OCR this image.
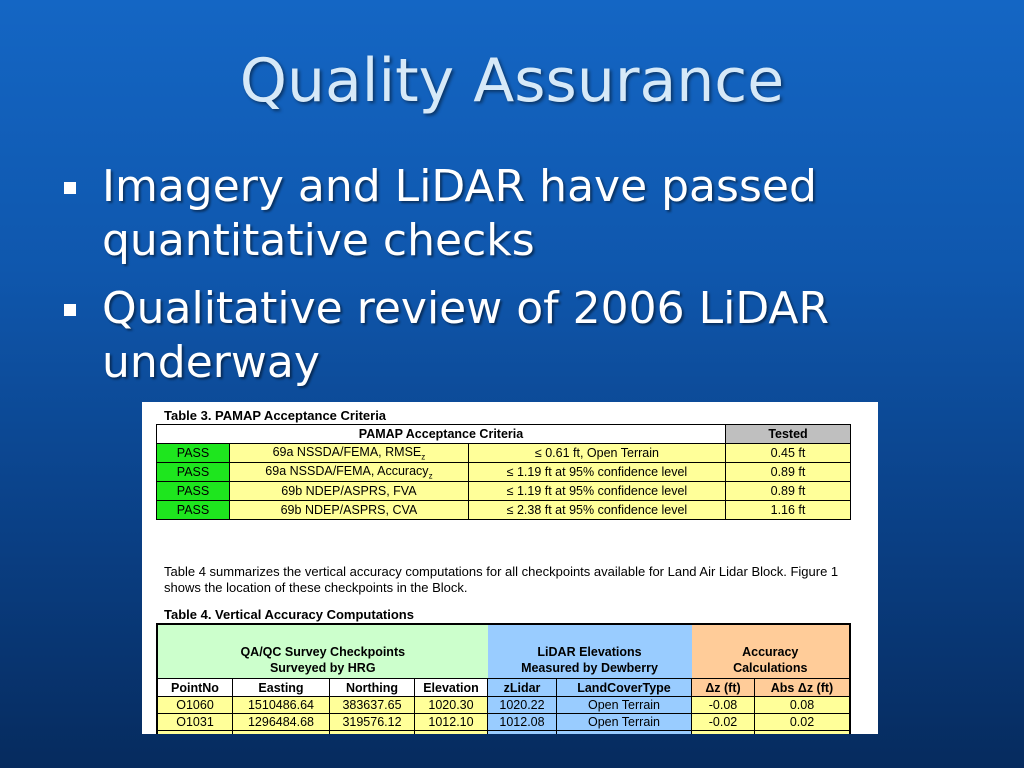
Quality Assurance
Imagery and LiDAR have passed quantitative checks
Qualitative review of 2006 LiDAR underway
Table 3. PAMAP Acceptance Criteria
PAMAP Acceptance Criteria			Tested
PASS	69a NSSDA/FEMA, $RMSE_z$	≤ 0.61 ft, Open Terrain	0.45 ft
PASS	69a NSSDA/FEMA, Accuracy$_z$	≤ 1.19 ft at 95% confidence level	0.89 ft
PASS	69b NDEP/ASPRS, FVA	≤ 1.19 ft at 95% confidence level	0.89 ft
PASS	69b NDEP/ASPRS, CVA	≤ 2.38 ft at 95% confidence level	1.16 ft
Table 4 summarizes the vertical accuracy computations for all checkpoints available for Land Air Lidar Block. Figure 1 shows the location of these checkpoints in the Block.
Table 4. Vertical Accuracy Computations
QA/QC Survey Checkpoints				LiDAR Elevations		Accuracy	
Surveyed by HRG				Measured by Dewberry		Calculations	
PointNo	Easting	Northing	Elevation	zLidar	LandCoverType	Δz (ft)	Abs Δz (ft)
O1060	1510486.64	383637.65	1020.30	1020.22	Open Terrain	-0.08	0.08
O1031	1296484.68	319576.12	1012.10	1012.08	Open Terrain	-0.02	0.02
